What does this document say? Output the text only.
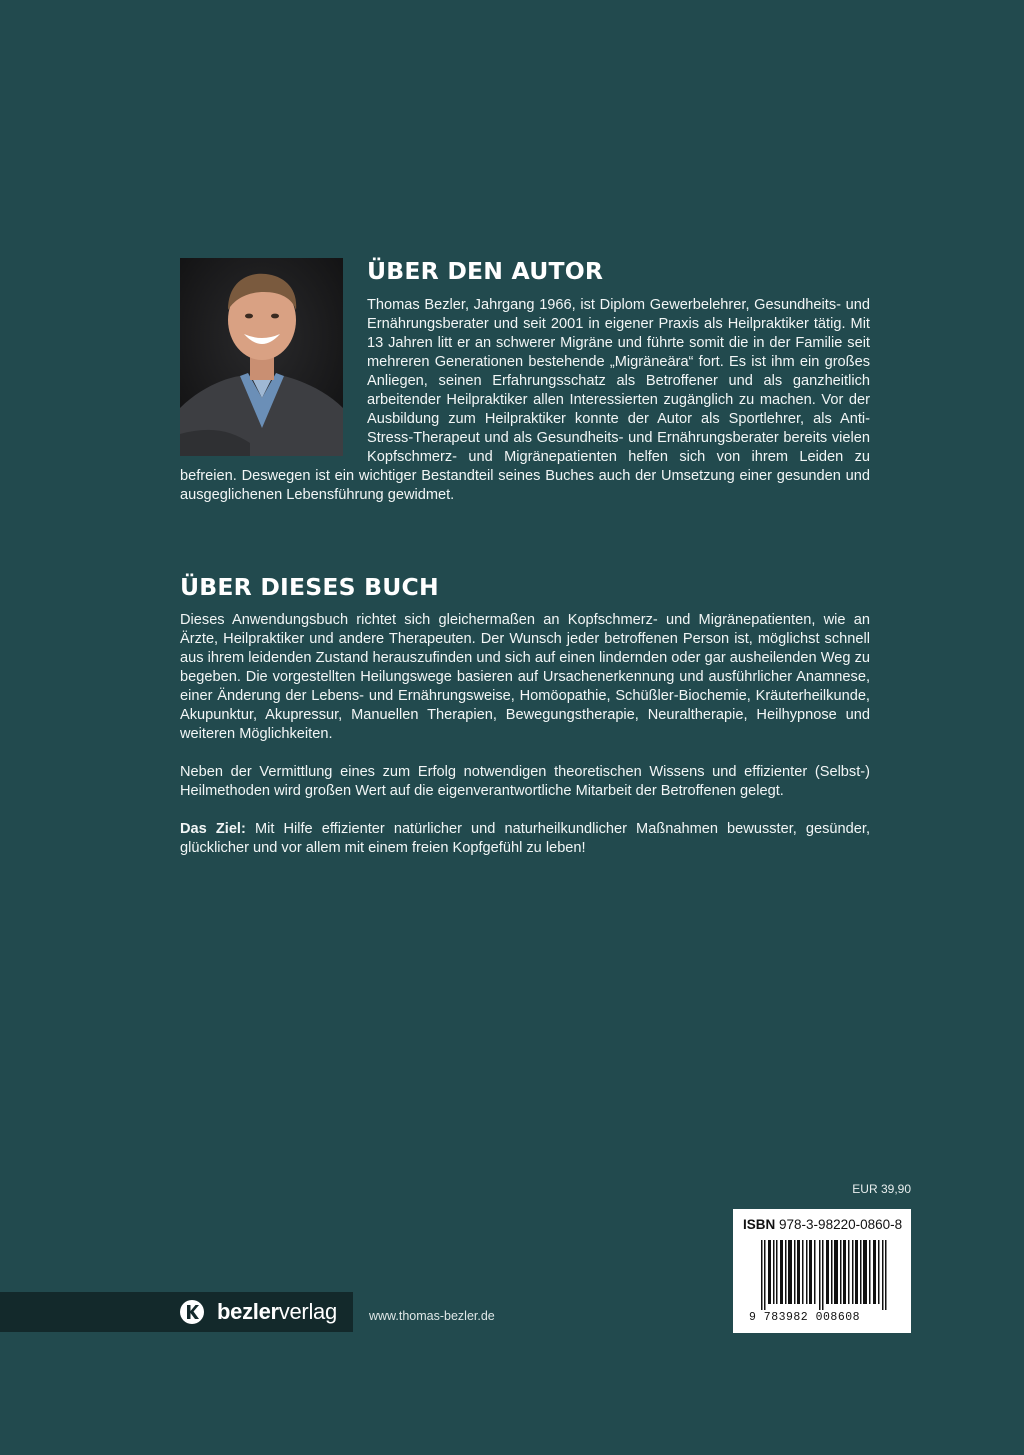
ÜBER DEN AUTOR

Thomas Bezler, Jahrgang 1966, ist Diplom Gewerbelehrer, Gesundheits- und Ernährungsberater und seit 2001 in eigener Praxis als Heilpraktiker tätig. Mit 13 Jahren litt er an schwerer Migräne und führte somit die in der Familie seit mehreren Generationen bestehende „Migräneära“ fort. Es ist ihm ein großes Anliegen, seinen Erfahrungsschatz als Betroffener und als ganzheitlich arbeitender Heilpraktiker allen Interessierten zugänglich zu machen. Vor der Ausbildung zum Heilpraktiker konnte der Autor als Sportlehrer, als Anti-Stress-Therapeut und als Gesundheits- und Ernährungsberater bereits vielen Kopfschmerz- und Migränepatienten helfen sich von ihrem Leiden zu befreien. Deswegen ist ein wichtiger Bestandteil seines Buches auch der Umsetzung einer gesunden und ausgeglichenen Lebensführung gewidmet.

ÜBER DIESES BUCH

Dieses Anwendungsbuch richtet sich gleichermaßen an Kopfschmerz- und Migränepatienten, wie an Ärzte, Heilpraktiker und andere Therapeuten. Der Wunsch jeder betroffenen Person ist, möglichst schnell aus ihrem leidenden Zustand herauszufinden und sich auf einen lindernden oder gar ausheilenden Weg zu begeben. Die vorgestellten Heilungswege basieren auf Ursachenerkennung und ausführlicher Anamnese, einer Änderung der Lebens- und Ernährungsweise, Homöopathie, Schüßler-Biochemie, Kräuterheilkunde, Akupunktur, Akupressur, Manuellen Therapien, Bewegungstherapie, Neuraltherapie, Heilhypnose und weiteren Möglichkeiten.

Neben der Vermittlung eines zum Erfolg notwendigen theoretischen Wissens und effizienter (Selbst-) Heilmethoden wird großen Wert auf die eigenverantwortliche Mitarbeit der Betroffenen gelegt.

Das Ziel: Mit Hilfe effizienter natürlicher und naturheilkundlicher Maßnahmen bewusster, gesünder, glücklicher und vor allem mit einem freien Kopfgefühl zu leben!

EUR 39,90
ISBN 978-3-98220-0860-8
9 783982 008608
bezlerverlag	www.thomas-bezler.de
